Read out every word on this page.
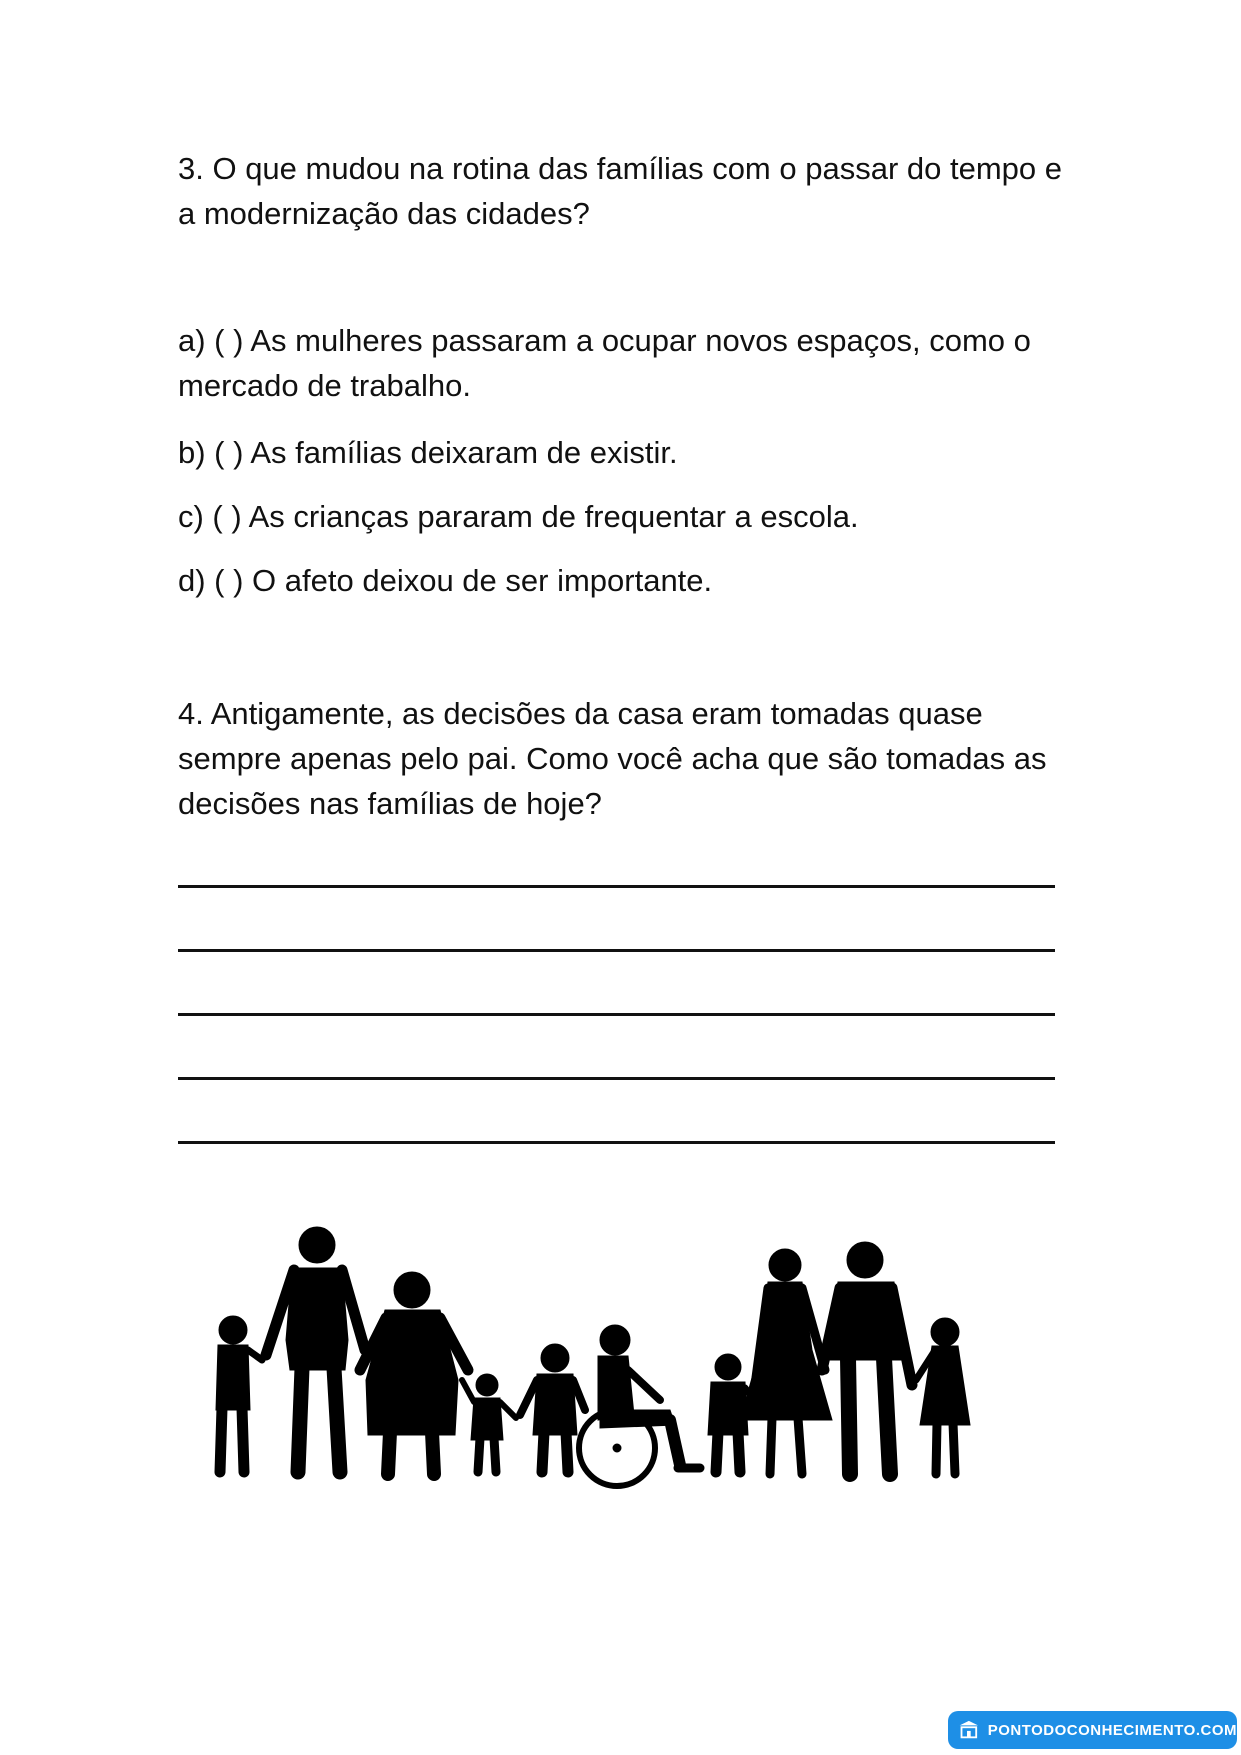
3. O que mudou na rotina das famílias com o passar do tempo e a modernização das cidades?

a) ( ) As mulheres passaram a ocupar novos espaços, como o mercado de trabalho.

b) ( ) As famílias deixaram de existir.

c) ( ) As crianças pararam de frequentar a escola.

d) ( ) O afeto deixou de ser importante.

4. Antigamente, as decisões da casa eram tomadas quase sempre apenas pelo pai. Como você acha que são tomadas as decisões nas famílias de hoje?

PONTODOCONHECIMENTO.COM
